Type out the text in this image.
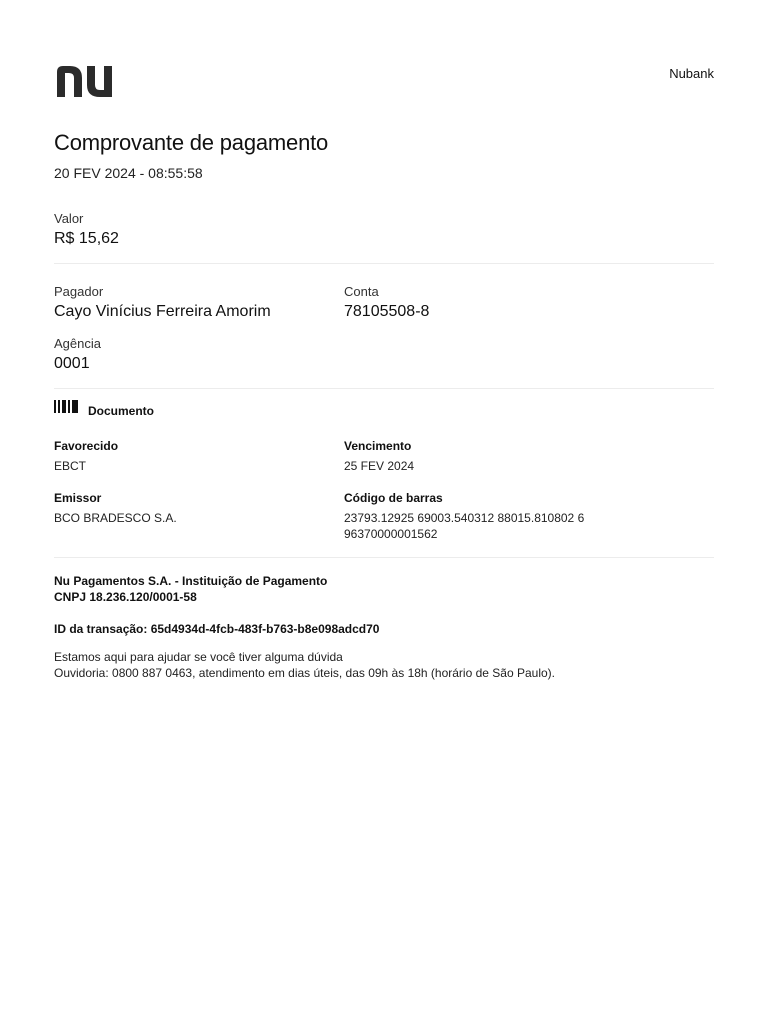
Nubank
Comprovante de pagamento
20 FEV 2024 - 08:55:58
Valor
R$ 15,62
Pagador
Cayo Vinícius Ferreira Amorim
Conta
78105508-8
Agência
0001
Documento
Favorecido
EBCT
Vencimento
25 FEV 2024
Emissor
BCO BRADESCO S.A.
Código de barras
23793.12925 69003.540312 88015.810802 6
96370000001562
Nu Pagamentos S.A. - Instituição de Pagamento
CNPJ 18.236.120/0001-58
ID da transação: 65d4934d-4fcb-483f-b763-b8e098adcd70
Estamos aqui para ajudar se você tiver alguma dúvida
Ouvidoria: 0800 887 0463, atendimento em dias úteis, das 09h às 18h (horário de São Paulo).
